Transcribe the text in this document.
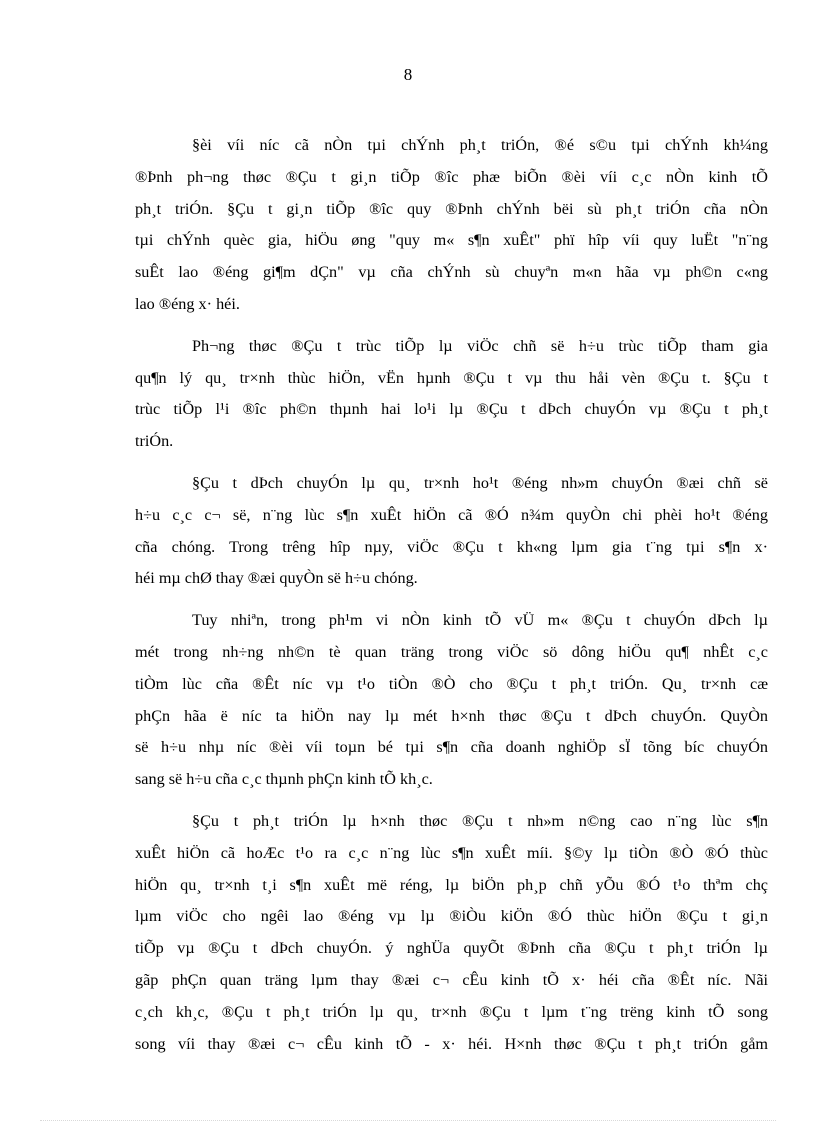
8

§èi víi níc cã nÒn tµi chÝnh ph¸t triÓn, ®é s©u tµi chÝnh kh¼ng
®Þnh ph¬ng thøc ®Çu t gi¸n tiÕp ®îc phæ biÕn ®èi víi c¸c nÒn kinh tÕ
ph¸t triÓn. §Çu t gi¸n tiÕp ®îc quy ®Þnh chÝnh bëi sù ph¸t triÓn cña nÒn
tµi chÝnh quèc gia, hiÖu øng "quy m« s¶n xuÊt" phï hîp víi quy luËt "n¨ng
suÊt lao ®éng gi¶m dÇn" vµ cña chÝnh sù chuyªn m«n hãa vµ ph©n c«ng
lao ®éng x· héi.

Ph¬ng thøc ®Çu t trùc tiÕp lµ viÖc chñ së h÷u trùc tiÕp tham gia
qu¶n lý qu¸ tr×nh thùc hiÖn, vËn hµnh ®Çu t vµ thu håi vèn ®Çu t. §Çu t
trùc tiÕp l¹i ®îc ph©n thµnh hai lo¹i lµ ®Çu t dÞch chuyÓn vµ ®Çu t ph¸t
triÓn.

§Çu t dÞch chuyÓn lµ qu¸ tr×nh ho¹t ®éng nh»m chuyÓn ®æi chñ së
h÷u c¸c c¬ së, n¨ng lùc s¶n xuÊt hiÖn cã ®Ó n¾m quyÒn chi phèi ho¹t ®éng
cña chóng. Trong trêng hîp nµy, viÖc ®Çu t kh«ng lµm gia t¨ng tµi s¶n x·
héi mµ chØ thay ®æi quyÒn së h÷u chóng.

Tuy nhiªn, trong ph¹m vi nÒn kinh tÕ vÜ m« ®Çu t chuyÓn dÞch lµ
mét trong nh÷ng nh©n tè quan träng trong viÖc sö dông hiÖu qu¶ nhÊt c¸c
tiÒm lùc cña ®Êt níc vµ t¹o tiÒn ®Ò cho ®Çu t ph¸t triÓn. Qu¸ tr×nh cæ
phÇn hãa ë níc ta hiÖn nay lµ mét h×nh thøc ®Çu t dÞch chuyÓn. QuyÒn
së h÷u nhµ níc ®èi víi toµn bé tµi s¶n cña doanh nghiÖp sÏ tõng bíc chuyÓn
sang së h÷u cña c¸c thµnh phÇn kinh tÕ kh¸c.

§Çu t ph¸t triÓn lµ h×nh thøc ®Çu t nh»m n©ng cao n¨ng lùc s¶n
xuÊt hiÖn cã hoÆc t¹o ra c¸c n¨ng lùc s¶n xuÊt míi. §©y lµ tiÒn ®Ò ®Ó thùc
hiÖn qu¸ tr×nh t¸i s¶n xuÊt më réng, lµ biÖn ph¸p chñ yÕu ®Ó t¹o thªm chç
lµm viÖc cho ngêi lao ®éng vµ lµ ®iÒu kiÖn ®Ó thùc hiÖn ®Çu t gi¸n
tiÕp vµ ®Çu t dÞch chuyÓn. ý nghÜa quyÕt ®Þnh cña ®Çu t ph¸t triÓn lµ
gãp phÇn quan träng lµm thay ®æi c¬ cÊu kinh tÕ x· héi cña ®Êt níc. Nãi
c¸ch kh¸c, ®Çu t ph¸t triÓn lµ qu¸ tr×nh ®Çu t lµm t¨ng trëng kinh tÕ song
song víi thay ®æi c¬ cÊu kinh tÕ - x· héi. H×nh thøc ®Çu t ph¸t triÓn gåm
